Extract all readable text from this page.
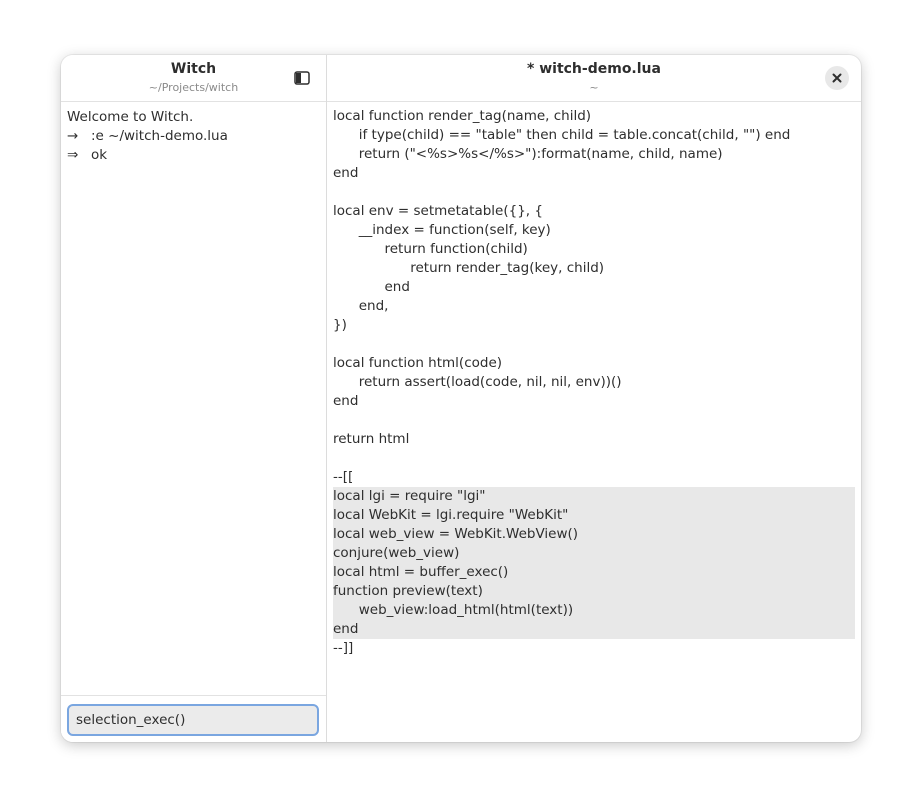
Witch
~/Projects/witch
Welcome to Witch.
→ :e ~/witch-demo.lua
⇒ ok
selection_exec()
* witch-demo.lua
~
local function render_tag(name, child)
if type(child) == "table" then child = table.concat(child, "") end
return ("<%s>%s</%s>"):format(name, child, name)
end
local env = setmetatable({}, {
__index = function(self, key)
return function(child)
return render_tag(key, child)
end
end,
})
local function html(code)
return assert(load(code, nil, nil, env))()
end
return html
--[[
local lgi = require "lgi"
local WebKit = lgi.require "WebKit"
local web_view = WebKit.WebView()
conjure(web_view)
local html = buffer_exec()
function preview(text)
web_view:load_html(html(text))
end
--]]
